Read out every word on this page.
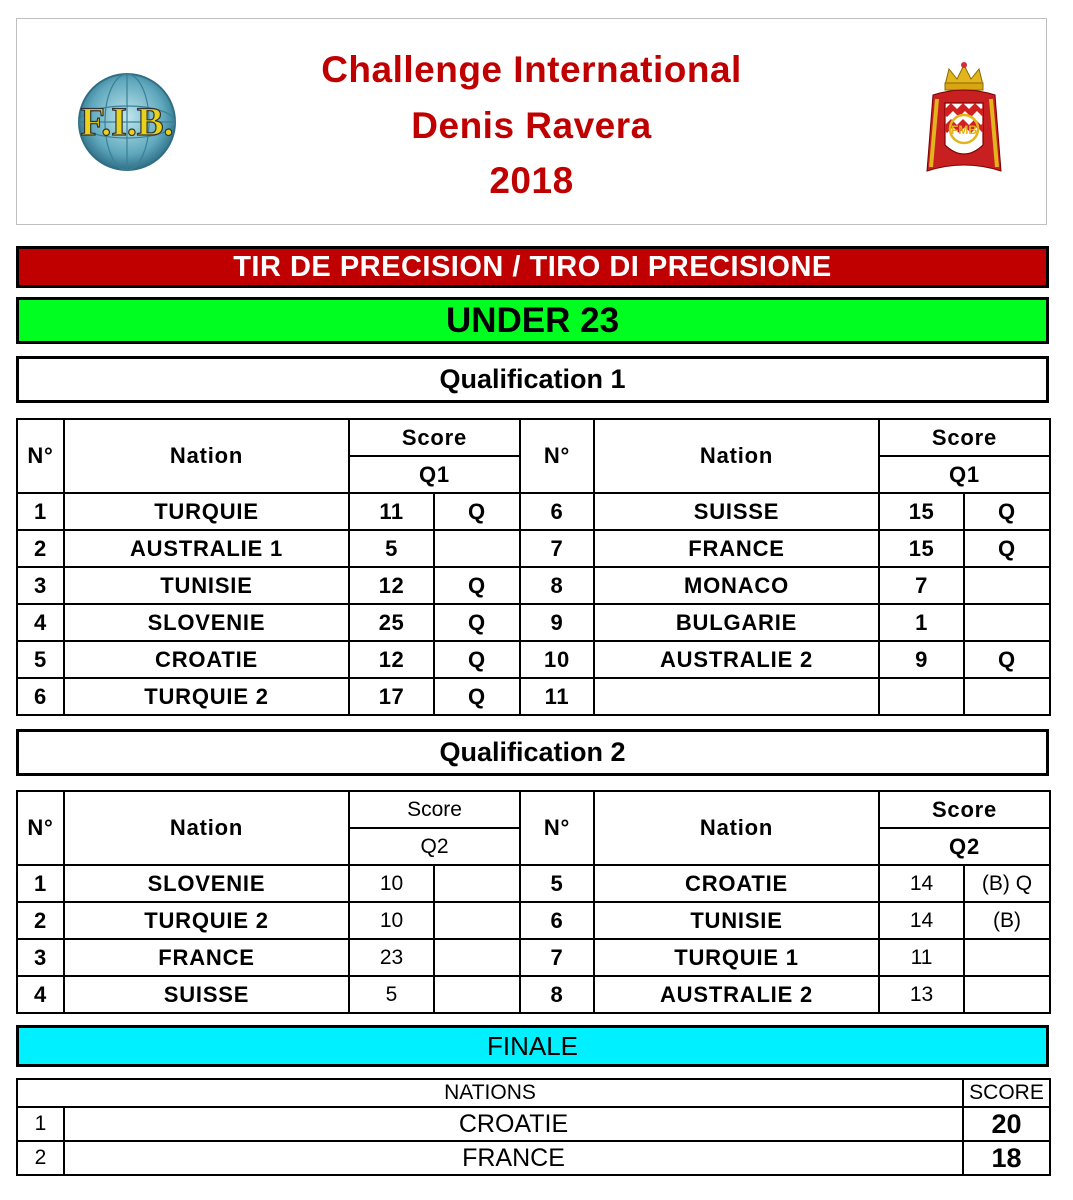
F.I.B.
Challenge International
Denis Ravera
2018
FMB
TIR DE PRECISION / TIRO DI PRECISIONE
UNDER 23
Qualification 1
N°	Nation	Score		N°	Nation	Score	
		Q1				Q1	
1	TURQUIE	11	Q	6	SUISSE	15	Q
2	AUSTRALIE 1	5		7	FRANCE	15	Q
3	TUNISIE	12	Q	8	MONACO	7	
4	SLOVENIE	25	Q	9	BULGARIE	1	
5	CROATIE	12	Q	10	AUSTRALIE 2	9	Q
6	TURQUIE 2	17	Q	11			
Qualification 2
N°	Nation	Score		N°	Nation	Score	
		Q2				Q2	
1	SLOVENIE	10		5	CROATIE	14	(B) Q
2	TURQUIE 2	10		6	TUNISIE	14	(B)
3	FRANCE	23		7	TURQUIE 1	11	
4	SUISSE	5		8	AUSTRALIE 2	13	
FINALE
NATIONS		SCORE
1	CROATIE	20
2	FRANCE	18
